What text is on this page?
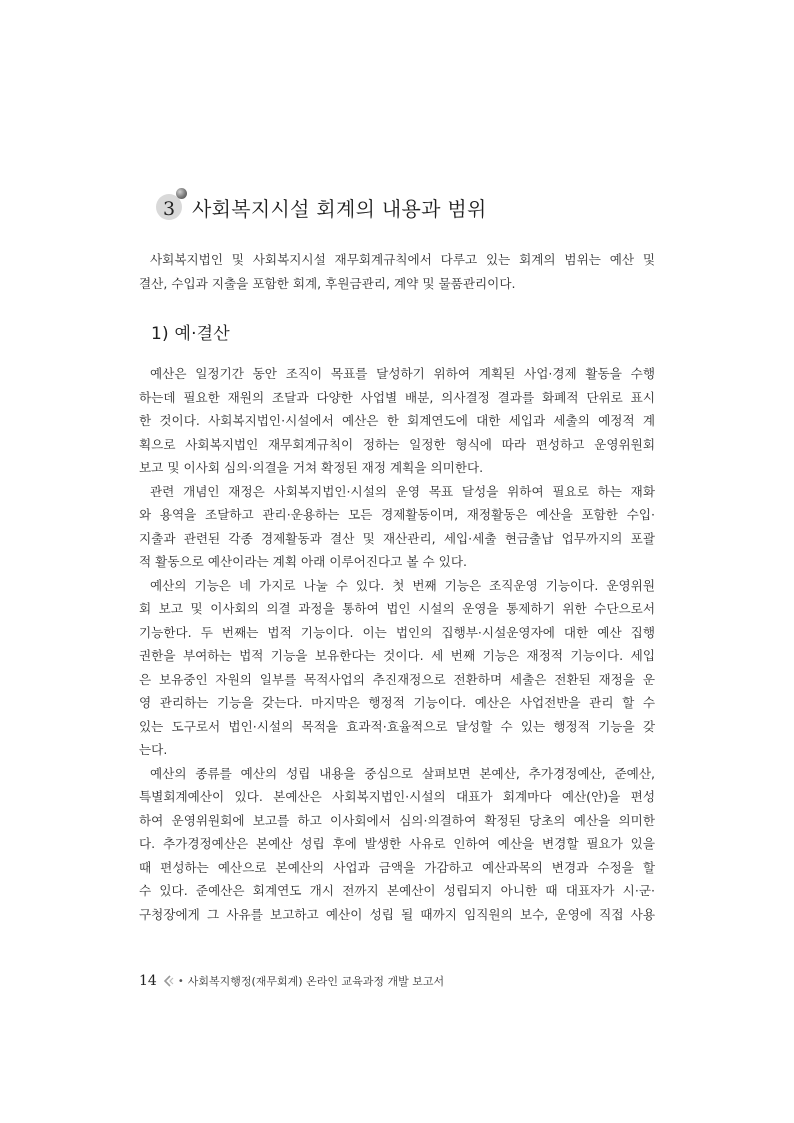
3 사회복지시설 회계의 내용과 범위
사회복지법인 및 사회복지시설 재무회계규칙에서 다루고 있는 회계의 범위는 예산 및
결산, 수입과 지출을 포함한 회계, 후원금관리, 계약 및 물품관리이다.
1) 예·결산
예산은 일정기간 동안 조직이 목표를 달성하기 위하여 계획된 사업·경제 활동을 수행
하는데 필요한 재원의 조달과 다양한 사업별 배분, 의사결정 결과를 화폐적 단위로 표시
한 것이다. 사회복지법인·시설에서 예산은 한 회계연도에 대한 세입과 세출의 예정적 계
획으로 사회복지법인 재무회계규칙이 정하는 일정한 형식에 따라 편성하고 운영위원회
보고 및 이사회 심의·의결을 거쳐 확정된 재정 계획을 의미한다.
관련 개념인 재정은 사회복지법인·시설의 운영 목표 달성을 위하여 필요로 하는 재화
와 용역을 조달하고 관리·운용하는 모든 경제활동이며, 재정활동은 예산을 포함한 수입·
지출과 관련된 각종 경제활동과 결산 및 재산관리, 세입·세출 현금출납 업무까지의 포괄
적 활동으로 예산이라는 계획 아래 이루어진다고 볼 수 있다.
예산의 기능은 네 가지로 나눌 수 있다. 첫 번째 기능은 조직운영 기능이다. 운영위원
회 보고 및 이사회의 의결 과정을 통하여 법인 시설의 운영을 통제하기 위한 수단으로서
기능한다. 두 번째는 법적 기능이다. 이는 법인의 집행부·시설운영자에 대한 예산 집행
권한을 부여하는 법적 기능을 보유한다는 것이다. 세 번째 기능은 재정적 기능이다. 세입
은 보유중인 자원의 일부를 목적사업의 추진재정으로 전환하며 세출은 전환된 재정을 운
영 관리하는 기능을 갖는다. 마지막은 행정적 기능이다. 예산은 사업전반을 관리 할 수
있는 도구로서 법인·시설의 목적을 효과적·효율적으로 달성할 수 있는 행정적 기능을 갖
는다.
예산의 종류를 예산의 성립 내용을 중심으로 살펴보면 본예산, 추가경정예산, 준예산,
특별회계예산이 있다. 본예산은 사회복지법인·시설의 대표가 회계마다 예산(안)을 편성
하여 운영위원회에 보고를 하고 이사회에서 심의·의결하여 확정된 당초의 예산을 의미한
다. 추가경정예산은 본예산 성립 후에 발생한 사유로 인하여 예산을 변경할 필요가 있을
때 편성하는 예산으로 본예산의 사업과 금액을 가감하고 예산과목의 변경과 수정을 할
수 있다. 준예산은 회계연도 개시 전까지 본예산이 성립되지 아니한 때 대표자가 시·군·
구청장에게 그 사유를 보고하고 예산이 성립 될 때까지 임직원의 보수, 운영에 직접 사용
14 • 사회복지행정(재무회계) 온라인 교육과정 개발 보고서
